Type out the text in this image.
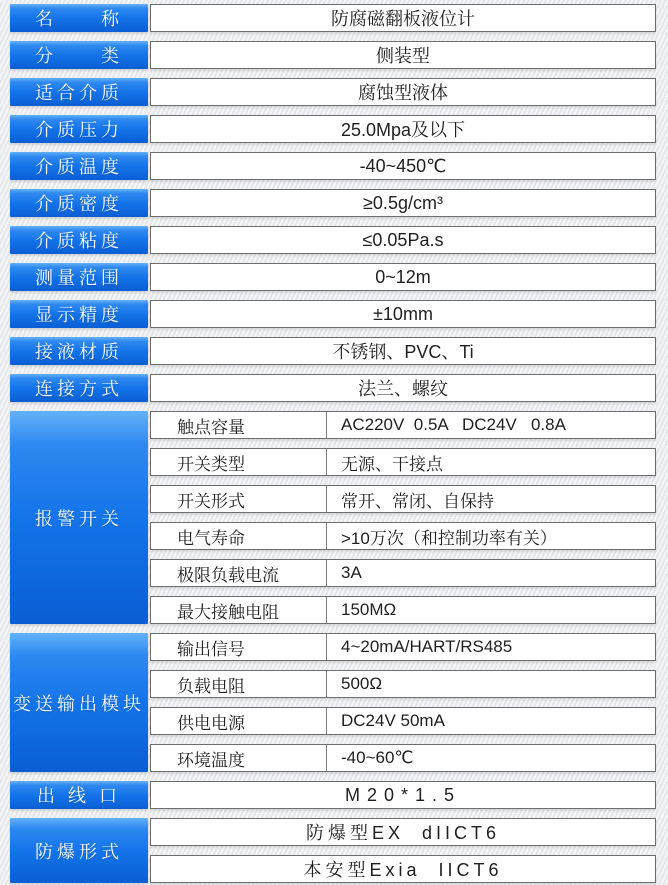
名　　称	防腐磁翻板液位计
分　　类	侧装型
适合介质	腐蚀型液体
介质压力	25.0Mpa及以下
介质温度	-40~450℃
介质密度	≥0.5g/cm³
介质粘度	≤0.05Pa.s
测量范围	0~12m
显示精度	±10mm
接液材质	不锈钢、PVC、Ti
连接方式	法兰、螺纹
报警开关
触点容量	AC220V  0.5A   DC24V   0.8A
开关类型	无源、干接点
开关形式	常开、常闭、自保持
电气寿命	>10万次（和控制功率有关）
极限负载电流	3A
最大接触电阻	150MΩ
变送输出模块
输出信号	4~20mA/HART/RS485
负载电阻	500Ω
供电电源	DC24V 50mA
环境温度	-40~60℃
出 线 口	M20*1.5
防爆形式
防爆型EX  dIICT6
本安型Exia  IICT6
